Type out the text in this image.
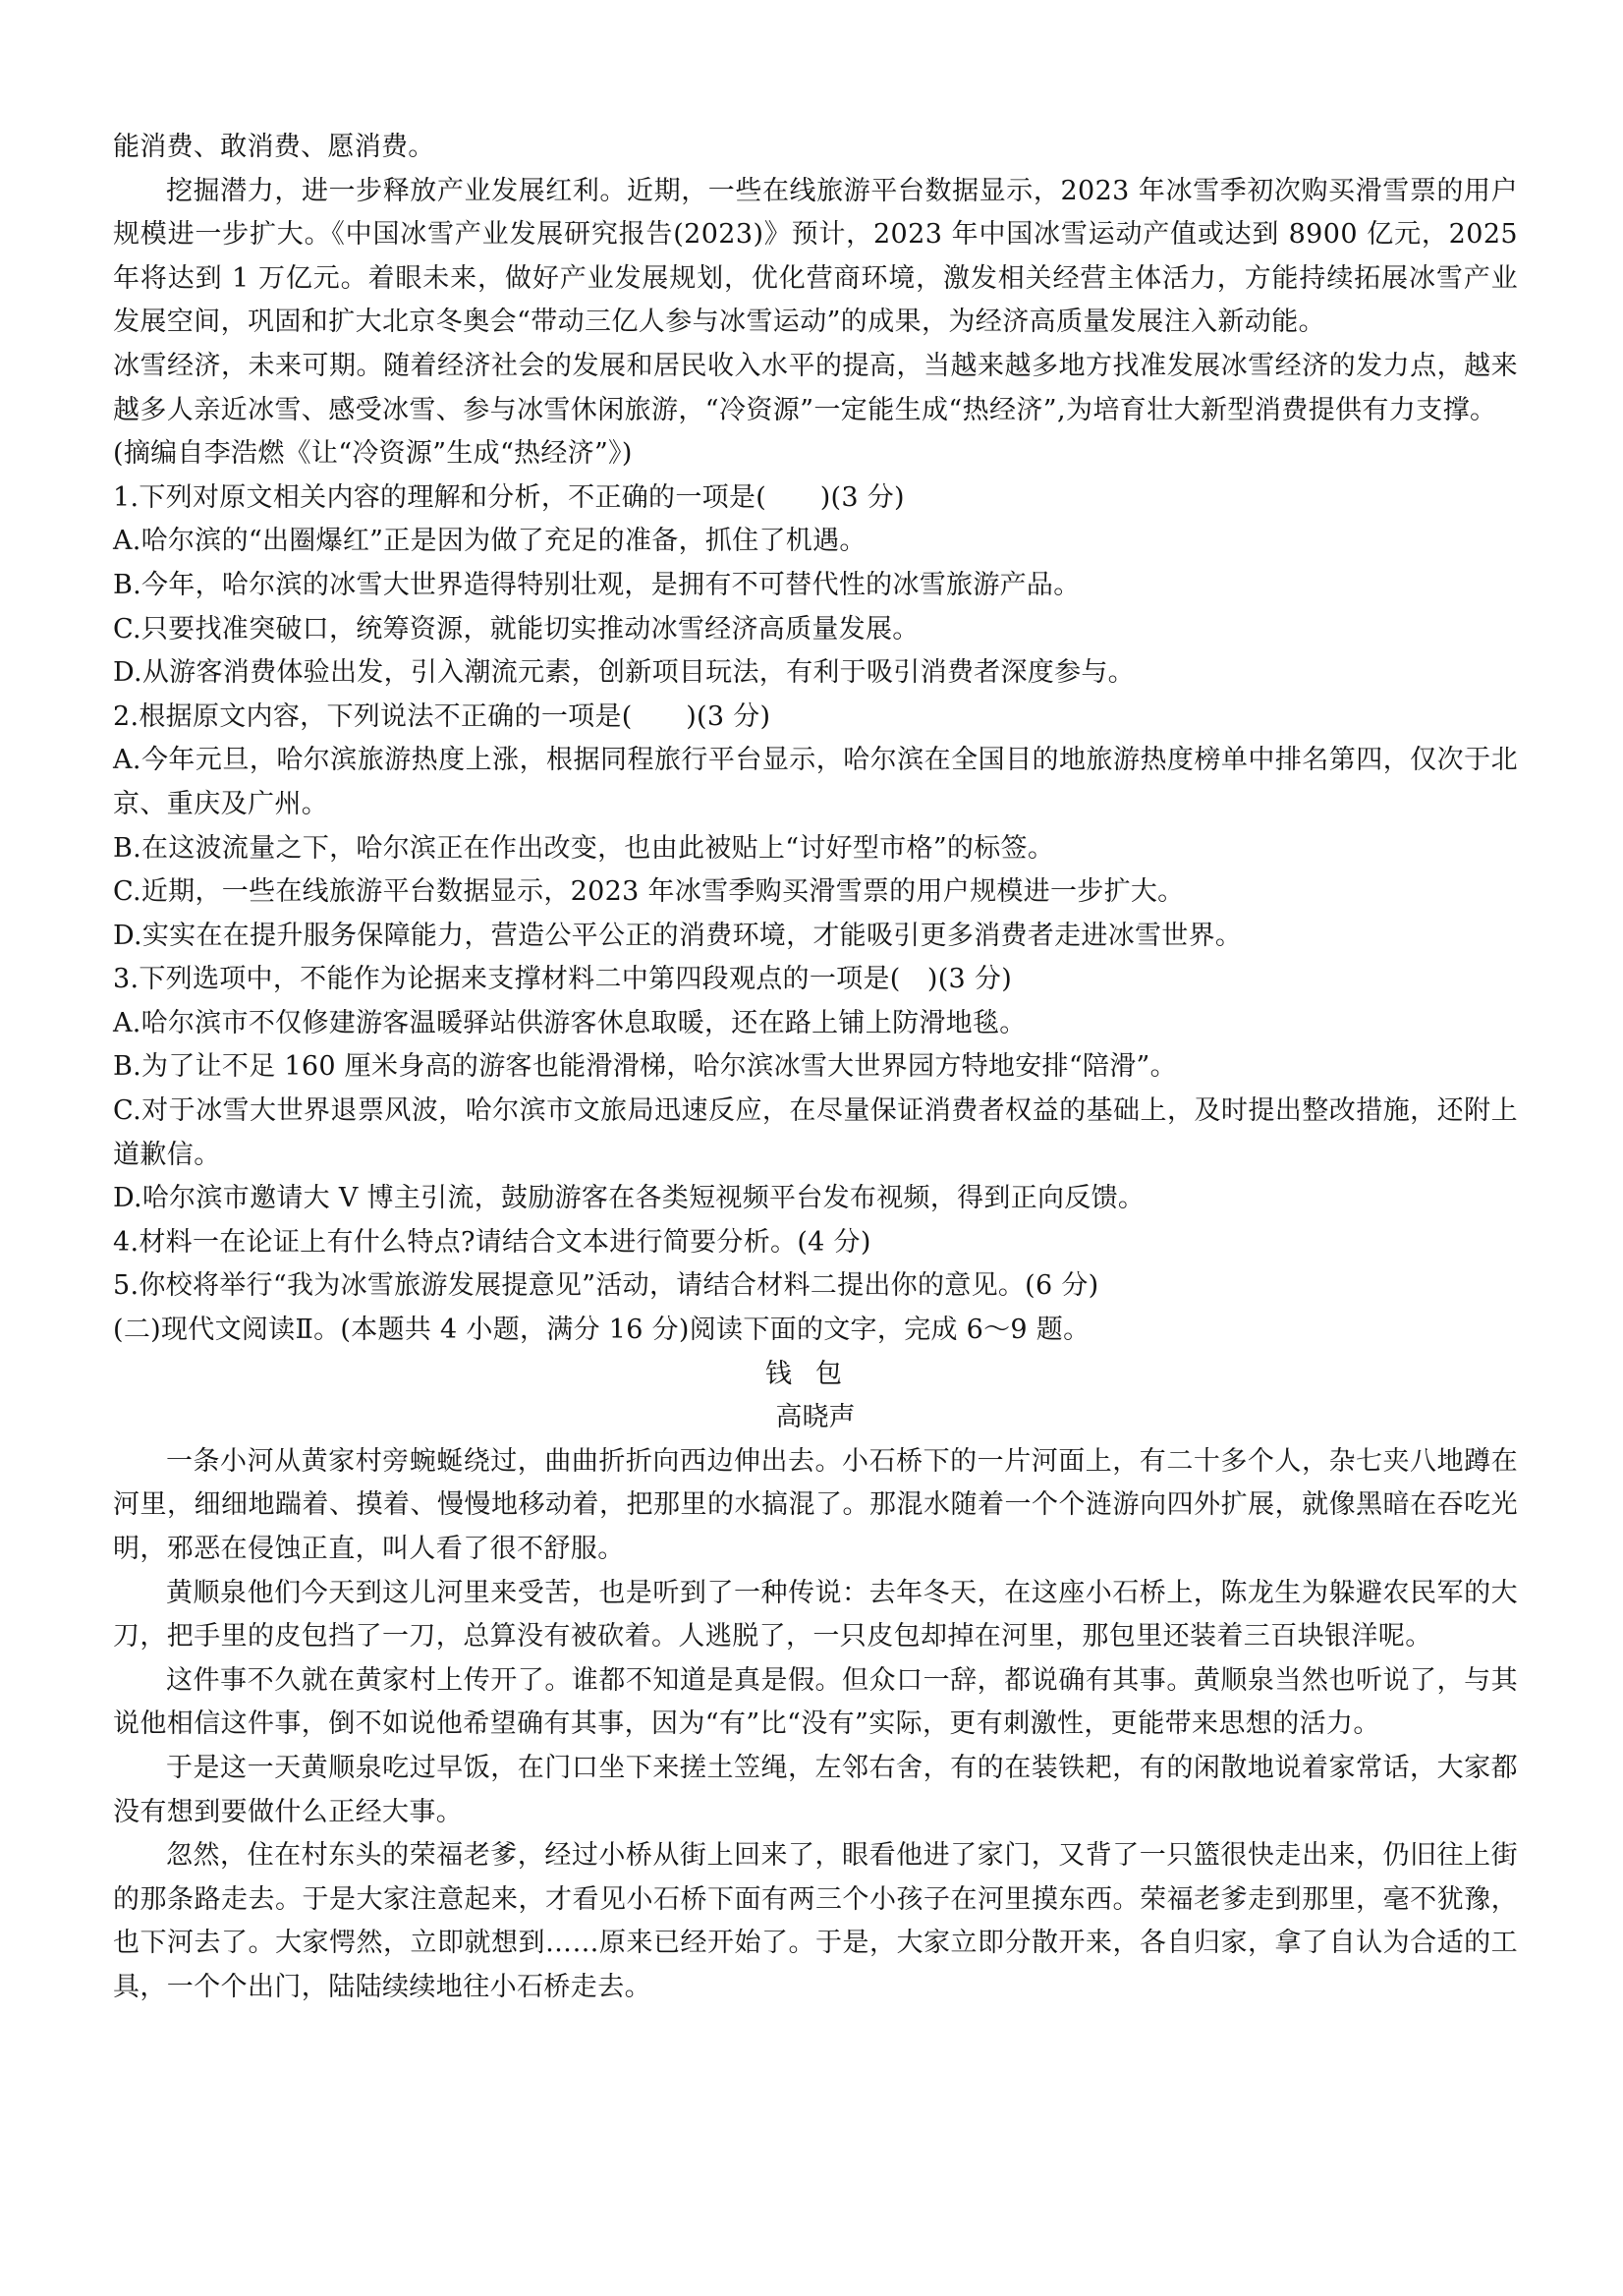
能消费、敢消费、愿消费。

挖掘潜力，进一步释放产业发展红利。近期，一些在线旅游平台数据显示，2023 年冰雪季初次购买滑雪票的用户规模进一步扩大。《中国冰雪产业发展研究报告(2023)》预计，2023 年中国冰雪运动产值或达到 8900 亿元，2025 年将达到 1 万亿元。着眼未来，做好产业发展规划，优化营商环境，激发相关经营主体活力，方能持续拓展冰雪产业发展空间，巩固和扩大北京冬奥会“带动三亿人参与冰雪运动”的成果，为经济高质量发展注入新动能。

冰雪经济，未来可期。随着经济社会的发展和居民收入水平的提高，当越来越多地方找准发展冰雪经济的发力点，越来越多人亲近冰雪、感受冰雪、参与冰雪休闲旅游，“冷资源”一定能生成“热经济”,为培育壮大新型消费提供有力支撑。

(摘编自李浩燃《让“冷资源”生成“热经济”》)
1.下列对原文相关内容的理解和分析，不正确的一项是(　　)(3 分)
A.哈尔滨的“出圈爆红”正是因为做了充足的准备，抓住了机遇。
B.今年，哈尔滨的冰雪大世界造得特别壮观，是拥有不可替代性的冰雪旅游产品。
C.只要找准突破口，统筹资源，就能切实推动冰雪经济高质量发展。
D.从游客消费体验出发，引入潮流元素，创新项目玩法，有利于吸引消费者深度参与。
2.根据原文内容，下列说法不正确的一项是(　　)(3 分)

A.今年元旦，哈尔滨旅游热度上涨，根据同程旅行平台显示，哈尔滨在全国目的地旅游热度榜单中排名第四，仅次于北京、重庆及广州。

B.在这波流量之下，哈尔滨正在作出改变，也由此被贴上“讨好型市格”的标签。
C.近期，一些在线旅游平台数据显示，2023 年冰雪季购买滑雪票的用户规模进一步扩大。
D.实实在在提升服务保障能力，营造公平公正的消费环境，才能吸引更多消费者走进冰雪世界。
3.下列选项中，不能作为论据来支撑材料二中第四段观点的一项是(　)(3 分)
A.哈尔滨市不仅修建游客温暖驿站供游客休息取暖，还在路上铺上防滑地毯。
B.为了让不足 160 厘米身高的游客也能滑滑梯，哈尔滨冰雪大世界园方特地安排“陪滑”。

C.对于冰雪大世界退票风波，哈尔滨市文旅局迅速反应，在尽量保证消费者权益的基础上，及时提出整改措施，还附上道歉信。

D.哈尔滨市邀请大 V 博主引流，鼓励游客在各类短视频平台发布视频，得到正向反馈。
4.材料一在论证上有什么特点?请结合文本进行简要分析。(4 分)
5.你校将举行“我为冰雪旅游发展提意见”活动，请结合材料二提出你的意见。(6 分)
(二)现代文阅读Ⅱ。(本题共 4 小题，满分 16 分)阅读下面的文字，完成 6～9 题。
钱包
高晓声

一条小河从黄家村旁蜿蜒绕过，曲曲折折向西边伸出去。小石桥下的一片河面上，有二十多个人，杂七夹八地蹲在河里，细细地踹着、摸着、慢慢地移动着，把那里的水搞混了。那混水随着一个个涟游向四外扩展，就像黑暗在吞吃光明，邪恶在侵蚀正直，叫人看了很不舒服。

黄顺泉他们今天到这儿河里来受苦，也是听到了一种传说：去年冬天，在这座小石桥上，陈龙生为躲避农民军的大刀，把手里的皮包挡了一刀，总算没有被砍着。人逃脱了，一只皮包却掉在河里，那包里还装着三百块银洋呢。

这件事不久就在黄家村上传开了。谁都不知道是真是假。但众口一辞，都说确有其事。黄顺泉当然也听说了，与其说他相信这件事，倒不如说他希望确有其事，因为“有”比“没有”实际，更有刺激性，更能带来思想的活力。

于是这一天黄顺泉吃过早饭，在门口坐下来搓土笠绳，左邻右舍，有的在装铁耙，有的闲散地说着家常话，大家都没有想到要做什么正经大事。

忽然，住在村东头的荣福老爹，经过小桥从街上回来了，眼看他进了家门，又背了一只篮很快走出来，仍旧往上街的那条路走去。于是大家注意起来，才看见小石桥下面有两三个小孩子在河里摸东西。荣福老爹走到那里，毫不犹豫，也下河去了。大家愕然，立即就想到……原来已经开始了。于是，大家立即分散开来，各自归家，拿了自认为合适的工具，一个个出门，陆陆续续地往小石桥走去。
